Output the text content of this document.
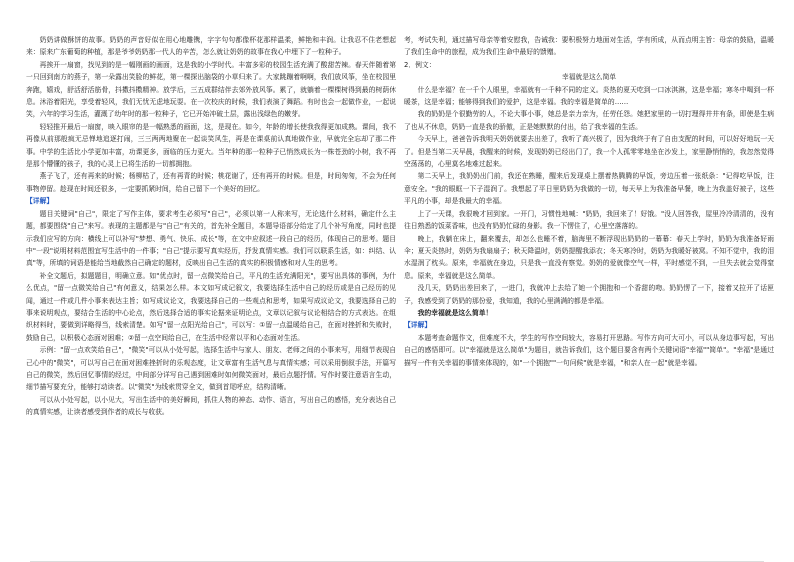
奶奶讲做酥饼的故事。奶奶的声音好似在用心地雕镌，字字句句都像杯花那样温柔，鲜艳和丰润。让我忍不住老想起来：原来广东葡萄的种植，那是爷爷奶奶那一代人的辛苦，怎么就让奶奶的故事在我心中埋下了一粒种子。

再挨开一扇窗，找见到的是一幅刚画的画面，这是我的小学时代。丰富多彩的校园生活充满了酸甜苦辣。春天伴随着第一只回到南方的燕子，第一朵露出笑脸的鲜花，第一棵探出脑袋的小草归来了。大家跳蹦着啊啊，我们放风筝，坐在校园里奔跑，嬉戏，舒活舒活筋骨，抖擞抖擞精神。放学后，三五成群结伴去郊外放风筝。累了，就躺着一棵棵树得到最的树荫休息。沐浴着阳光，享受着轻风，我们无忧无虑地玩耍。在一次校庆的时候，我们表演了舞蹈。有时也会一起做作业，一起说笑，六年的学习生活，灌溉了幼年时的那一粒种子，它已开始冲破土层，露出浅绿色的嫩芽。

轻轻推开最后一扇窗，映入眼帘的是一幅熟悉的画面，这，是现在。如今，年龄的增长使我我得更加成熟。课间，我不再像从前那般疯无忌惮地追逐打闹，三三两两地聚在一起谈笑风生，再是在课桌前认真地做作业，早就完全忘却了那二件事。中学的生活比小学更加丰富，功课更多，面临的压力更大。当年种的那一粒种子已悄然成长为一株苍劲的小树，我不再是那个懵懂的孩子，我的心灵上已将生活的一切都拥抱。

燕子飞了，还有再来的时候；杨柳枯了，还有再青的时候；桃花谢了，还有再开的时候。但是，时间匆匆，不会为任何事物停留。趁现在时间还很多，一定要抓紧时间，给自己留下一个美好的回忆。

【详解】

题目关键词"自己"，限定了写作主体，要求考生必须写"自己"，必须以第一人称来写，无论选什么材料，确定什么主题，都要围绕"自己"来写。表现的主题都是与"自己"有关的，首先补全题目，本题导语部分给定了几个补写角度，同时也提示我们应写的方向：横线上可以补写"梦想、勇气、快乐、成长"等，在文中应叙述一段自己的经历，体现自己的思考。题目中"一段"说明材料范围宜写生活中的一件事；"自己"提示要写真实经历，抒发真情实感。我们可以联系生活，如：纠结、认真"等，所填的词语是能给当地截然自己确定的题材，反映出自己生活的真实的积极情感和对人生的思考。

补全文题后，拟题题目，明确立意。如"优点时，留一点微笑给自己，平凡的生活充满阳光"，要写出具体的事例，为什么优点，"留一点微笑给自己"有何意义，结果怎么样。本文如写成记叙文，我要选择生活中自己的经历或是自己经历的见闻，通过一件或几件小事来表达主旨；如写成议论文，我要选择自己的一些观点和思考，如果写成议论文，我要选择自己的事来说明观点，要结合生活的中心论点，然后选择合适的事实论据来证明论点，文章以记叙与议论相结合的方式表达。在组织材料时，要做到详略得当，线索清楚。如写"留一点阳光给自己"，可以写：①留一点温暖给自己，在面对挫折和失败时，鼓励自己，以积极心态面对困难；②留一点空间给自己，在生活中经常以平和心态面对生活。

示例："留一点欢笑给自己"，"微笑"可以从小处写起，选择生活中与家人、朋友、老师之间的小事来写，用细节表现自己心中的"微笑"，可以写自己在面对困难挫折时的乐观态度，让文章富有生活气息与真情实感；可以采用倒叙手法，开篇写自己的微笑，然后回忆事情的经过，中间部分详写自己遇到困难时如何微笑面对，最后点题抒情。写作时要注意语言生动，细节描写要充分，能够打动读者。以"微笑"为线索贯穿全文，做到首尾呼应，结构清晰。

可以从小处写起，以小见大，写出生活中的美好瞬间，抓住人物的神态、动作、语言，写出自己的感悟，充分表达自己的真情实感，让读者感受到作者的成长与收获。

考，考试失利，通过描写母亲等着安慰我，告诫我：要积极努力地面对生活，学有所成，从而点明主旨：母亲的鼓励，温暖了我们生命中的旅程，成为我们生命中最好的馈赠。

2．例文：

幸福就是这么简单

什么是幸福？在一千个人眼里，幸福就有一千种不同的定义。炎热的夏天吃到一口冰淇淋，这是幸福；寒冬中喝到一杯暖茶，这是幸福；能够得到我们的爱护，这是幸福。我的幸福是简单的……

我的奶奶是个很勤劳的人，不论大事小事，她总是亲力亲为，任劳任怨。她把家里的一切打理得井井有条，即使是生病了也从不休息，奶奶一直是我的骄傲，正是她默默的付出，给了我幸福的生活。

今天早上，爸爸告诉我明天奶奶就要去出差了，我听了高兴极了，因为我终于有了自由支配的时间，可以好好地玩一天了。但是当第二天早晨，我醒来的时候，发现奶奶已经出门了，我一个人孤零零地坐在沙发上，家里静悄悄的，我忽然觉得空荡荡的，心里莫名地难过起来。

第二天早上，我奶奶出门前，我还在熟睡，醒来后发现桌上摆着热腾腾的早饭，旁边压着一张纸条："记得吃早饭，注意安全。"我的眼眶一下子湿润了。我想起了平日里奶奶为我做的一切，每天早上为我准备早餐，晚上为我盖好被子，这些平凡的小事，却是我最大的幸福。

上了一天课，我很晚才回到家。一开门，习惯性地喊："奶奶，我回来了！好饿。"没人回答我，屋里冷冷清清的，没有往日熟悉的饭菜香味，也没有奶奶忙碌的身影。我一下愣住了，心里空落落的。

晚上，我躺在床上，翻来覆去，却怎么也睡不着，脑海里不断浮现出奶奶的一幕幕：春天上学时，奶奶为我准备好雨伞；夏天炎热时，奶奶为我扇扇子；秋天降温时，奶奶提醒我添衣；冬天寒冷时，奶奶为我暖好被窝。不知不觉中，我的泪水湿润了枕头。原来，幸福就在身边，只是我一直没有察觉。奶奶的爱就像空气一样，平时感觉不到，一旦失去就会觉得窒息。原来，幸福就是这么简单。

没几天，奶奶出差回来了，一进门，我就冲上去给了她一个拥抱和一个香甜的吻。奶奶愣了一下，接着又拉开了话匣子，我感受到了奶奶的那份爱，我知道，我的心里满满的都是幸福。

我的幸福就是这么简单！

【详解】

本题考查命题作文，但难度不大，学生的写作空间较大，容易打开思路。写作方向可大可小，可以从身边事写起，写出自己的感悟即可。以"幸福就是这么简单"为题目，就告诉我们，这个题目要含有两个关键词语"幸福""简单"。"幸福"是通过描写一件有关幸福的事情来体现的，如"一个拥抱""一句问候"就是幸福，"和亲人在一起"就是幸福。
